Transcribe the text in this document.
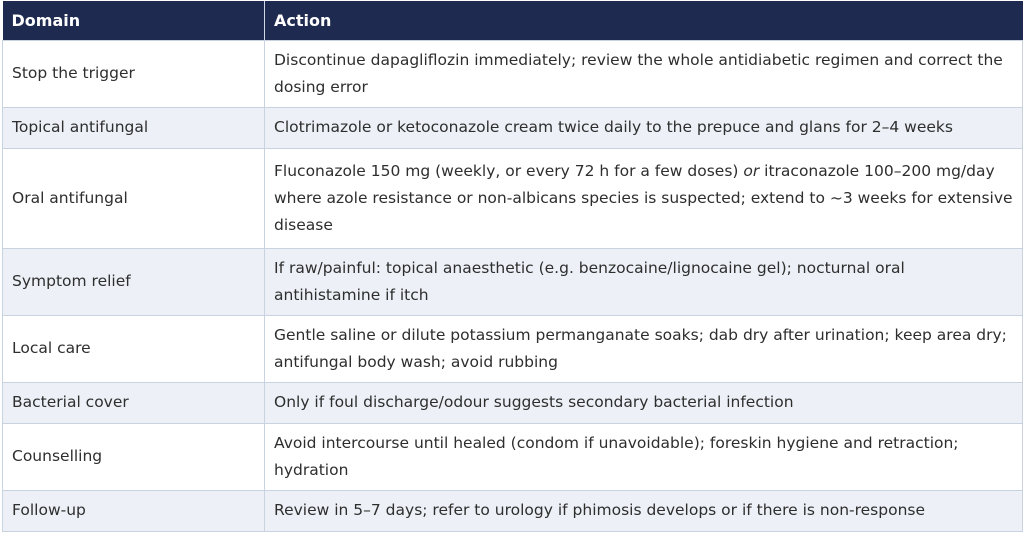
Domain	Action
Stop the trigger	Discontinue dapagliflozin immediately; review the whole antidiabetic regimen and correct the dosing error
Topical antifungal	Clotrimazole or ketoconazole cream twice daily to the prepuce and glans for 2–4 weeks
Oral antifungal	Fluconazole 150 mg (weekly, or every 72 h for a few doses) or itraconazole 100–200 mg/day where azole resistance or non-albicans species is suspected; extend to ~3 weeks for extensive disease
Symptom relief	If raw/painful: topical anaesthetic (e.g. benzocaine/lignocaine gel); nocturnal oral antihistamine if itch
Local care	Gentle saline or dilute potassium permanganate soaks; dab dry after urination; keep area dry; antifungal body wash; avoid rubbing
Bacterial cover	Only if foul discharge/odour suggests secondary bacterial infection
Counselling	Avoid intercourse until healed (condom if unavoidable); foreskin hygiene and retraction; hydration
Follow-up	Review in 5–7 days; refer to urology if phimosis develops or if there is non-response
